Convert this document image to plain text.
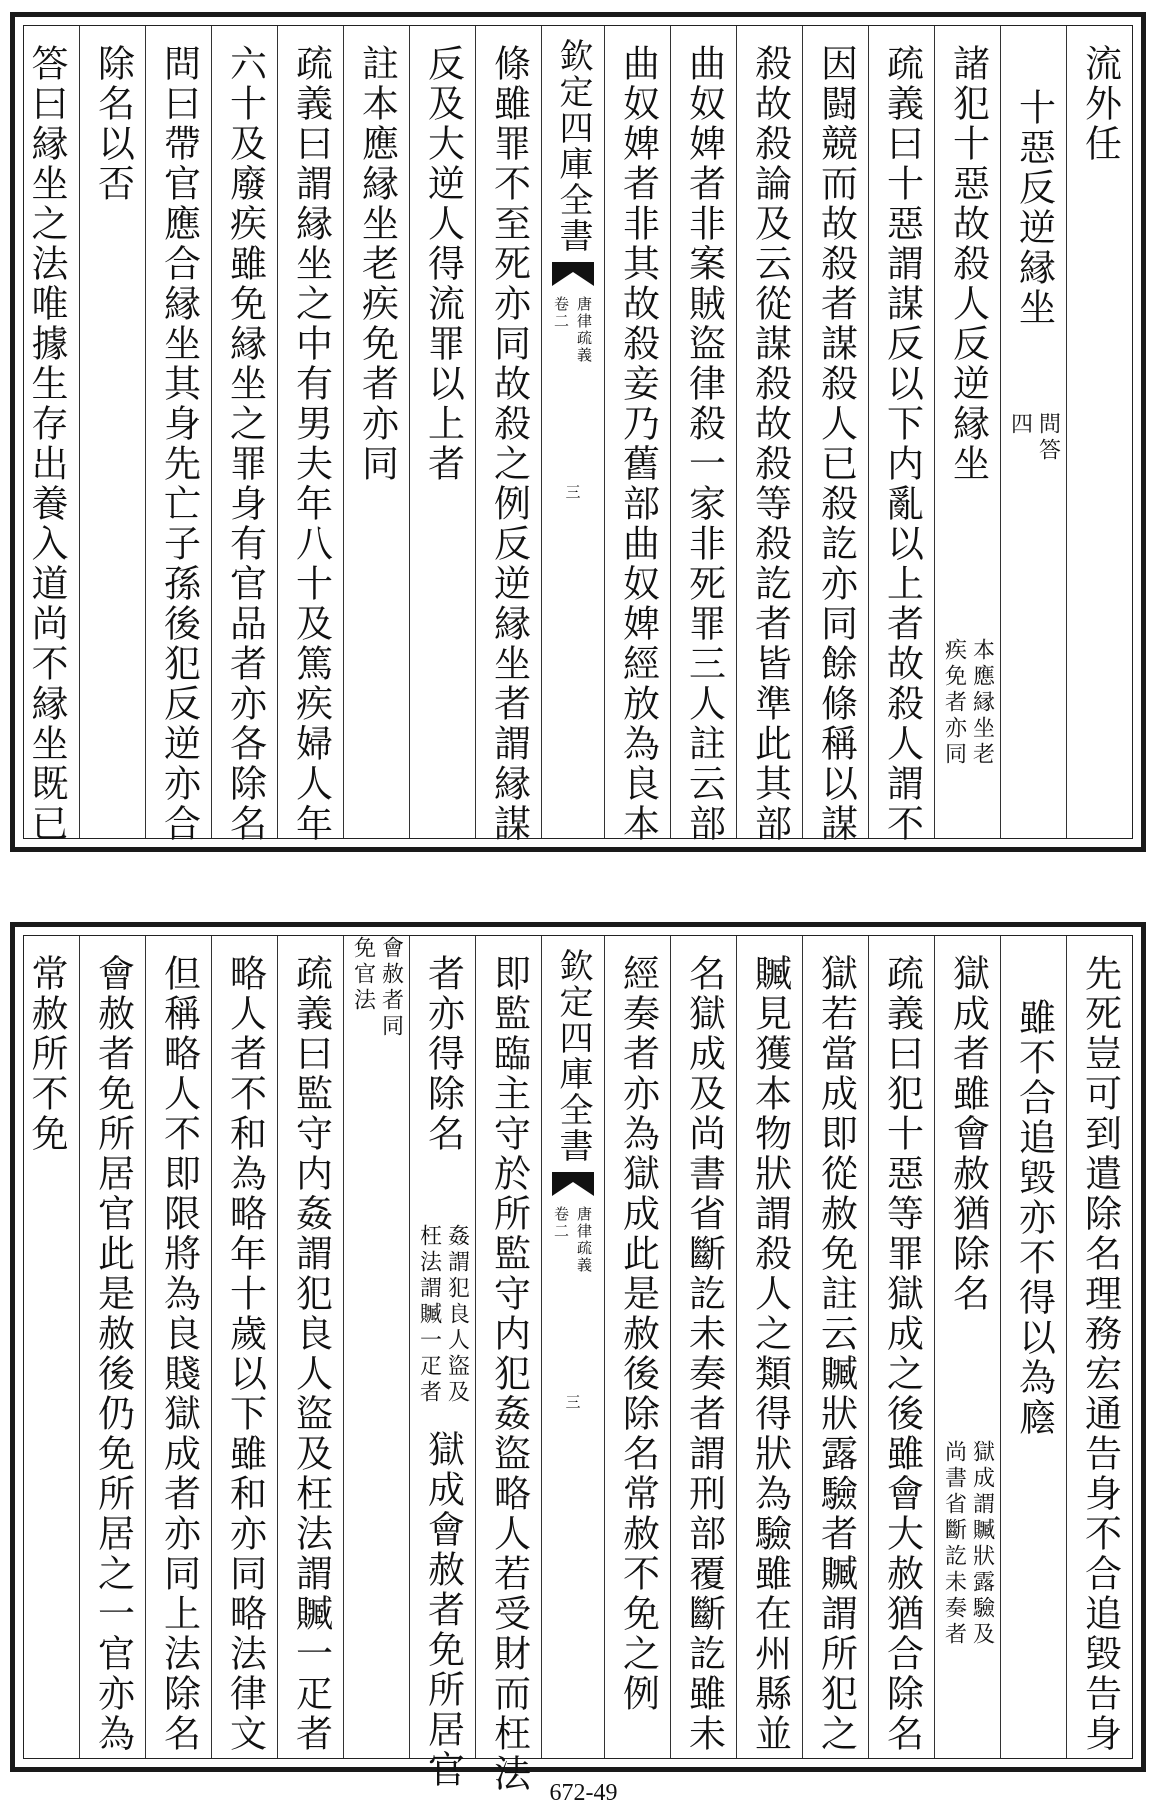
流外任
十惡反逆縁坐
問答
四
諸犯十惡故殺人反逆縁坐
本應縁坐老
疾免者亦同
疏義曰十惡謂謀反以下内亂以上者故殺人謂不
因闘競而故殺者謀殺人已殺訖亦同餘條稱以謀
殺故殺論及云從謀殺故殺等殺訖者皆準此其部
曲奴婢者非案賊盜律殺一家非死罪三人註云部
曲奴婢者非其故殺妾乃舊部曲奴婢經放為良本
欽定四庫全書
唐律疏義
卷二
三
條雖罪不至死亦同故殺之例反逆縁坐者謂縁謀
反及大逆人得流罪以上者
註本應縁坐老疾免者亦同
疏義曰謂縁坐之中有男夫年八十及篤疾婦人年
六十及廢疾雖免縁坐之罪身有官品者亦各除名
問曰帶官應合縁坐其身先亡子孫後犯反逆亦合
除名以否
答曰縁坐之法唯據生存出養入道尚不縁坐既已
先死豈可到遣除名理務宏通告身不合追毀告身
雖不合追毀亦不得以為廕
獄成者雖會赦猶除名
獄成謂贓狀露驗及
尚書省斷訖未奏者
疏義曰犯十惡等罪獄成之後雖會大赦猶合除名
獄若當成即從赦免註云贓狀露驗者贓謂所犯之
贓見獲本物狀謂殺人之類得狀為驗雖在州縣並
名獄成及尚書省斷訖未奏者謂刑部覆斷訖雖未
經奏者亦為獄成此是赦後除名常赦不免之例
欽定四庫全書
唐律疏義
卷二
三
即監臨主守於所監守内犯姦盜略人若受財而枉法
者亦得除名
姦謂犯良人盜及
枉法謂贓一疋者
獄成會赦者免所居官
會赦者同
免官法
疏義曰監守内姦謂犯良人盜及枉法謂贓一疋者
略人者不和為略年十歲以下雖和亦同略法律文
但稱略人不即限將為良賤獄成者亦同上法除名
會赦者免所居官此是赦後仍免所居之一官亦為
常赦所不免
672-49
